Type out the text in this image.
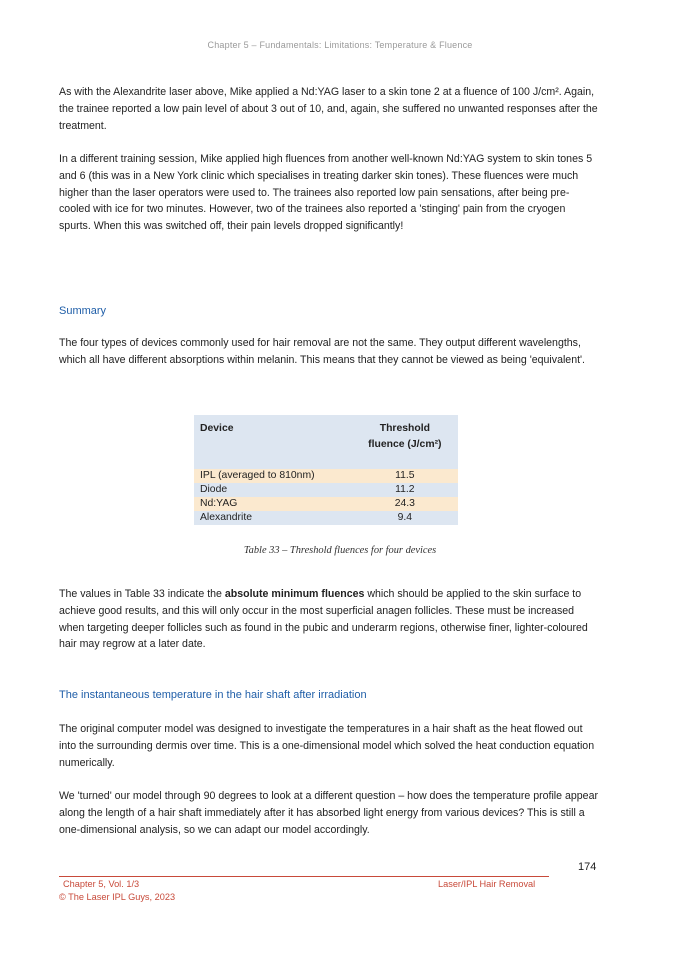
Chapter 5 – Fundamentals: Limitations: Temperature & Fluence

As with the Alexandrite laser above, Mike applied a Nd:YAG laser to a skin tone 2 at a fluence of 100 J/cm². Again, the trainee reported a low pain level of about 3 out of 10, and, again, she suffered no unwanted responses after the treatment.

In a different training session, Mike applied high fluences from another well-known Nd:YAG system to skin tones 5 and 6 (this was in a New York clinic which specialises in treating darker skin tones). These fluences were much higher than the laser operators were used to. The trainees also reported low pain sensations, after being pre-cooled with ice for two minutes. However, two of the trainees also reported a 'stinging' pain from the cryogen spurts. When this was switched off, their pain levels dropped significantly!

Summary

The four types of devices commonly used for hair removal are not the same. They output different wavelengths, which all have different absorptions within melanin. This means that they cannot be viewed as being 'equivalent'.

Device	Threshold
fluence (J/cm²)

IPL (averaged to 810nm)	11.5
Diode	11.2
Nd:YAG	24.3
Alexandrite	9.4
Table 33 – Threshold fluences for four devices

The values in Table 33 indicate the absolute minimum fluences which should be applied to the skin surface to achieve good results, and this will only occur in the most superficial anagen follicles. These must be increased when targeting deeper follicles such as found in the pubic and underarm regions, otherwise finer, lighter-coloured hair may regrow at a later date.

The instantaneous temperature in the hair shaft after irradiation

The original computer model was designed to investigate the temperatures in a hair shaft as the heat flowed out into the surrounding dermis over time. This is a one-dimensional model which solved the heat conduction equation numerically.

We 'turned' our model through 90 degrees to look at a different question – how does the temperature profile appear along the length of a hair shaft immediately after it has absorbed light energy from various devices? This is still a one-dimensional analysis, so we can adapt our model accordingly.

174
Chapter 5, Vol. 1/3	Laser/IPL Hair Removal
© The Laser IPL Guys, 2023
